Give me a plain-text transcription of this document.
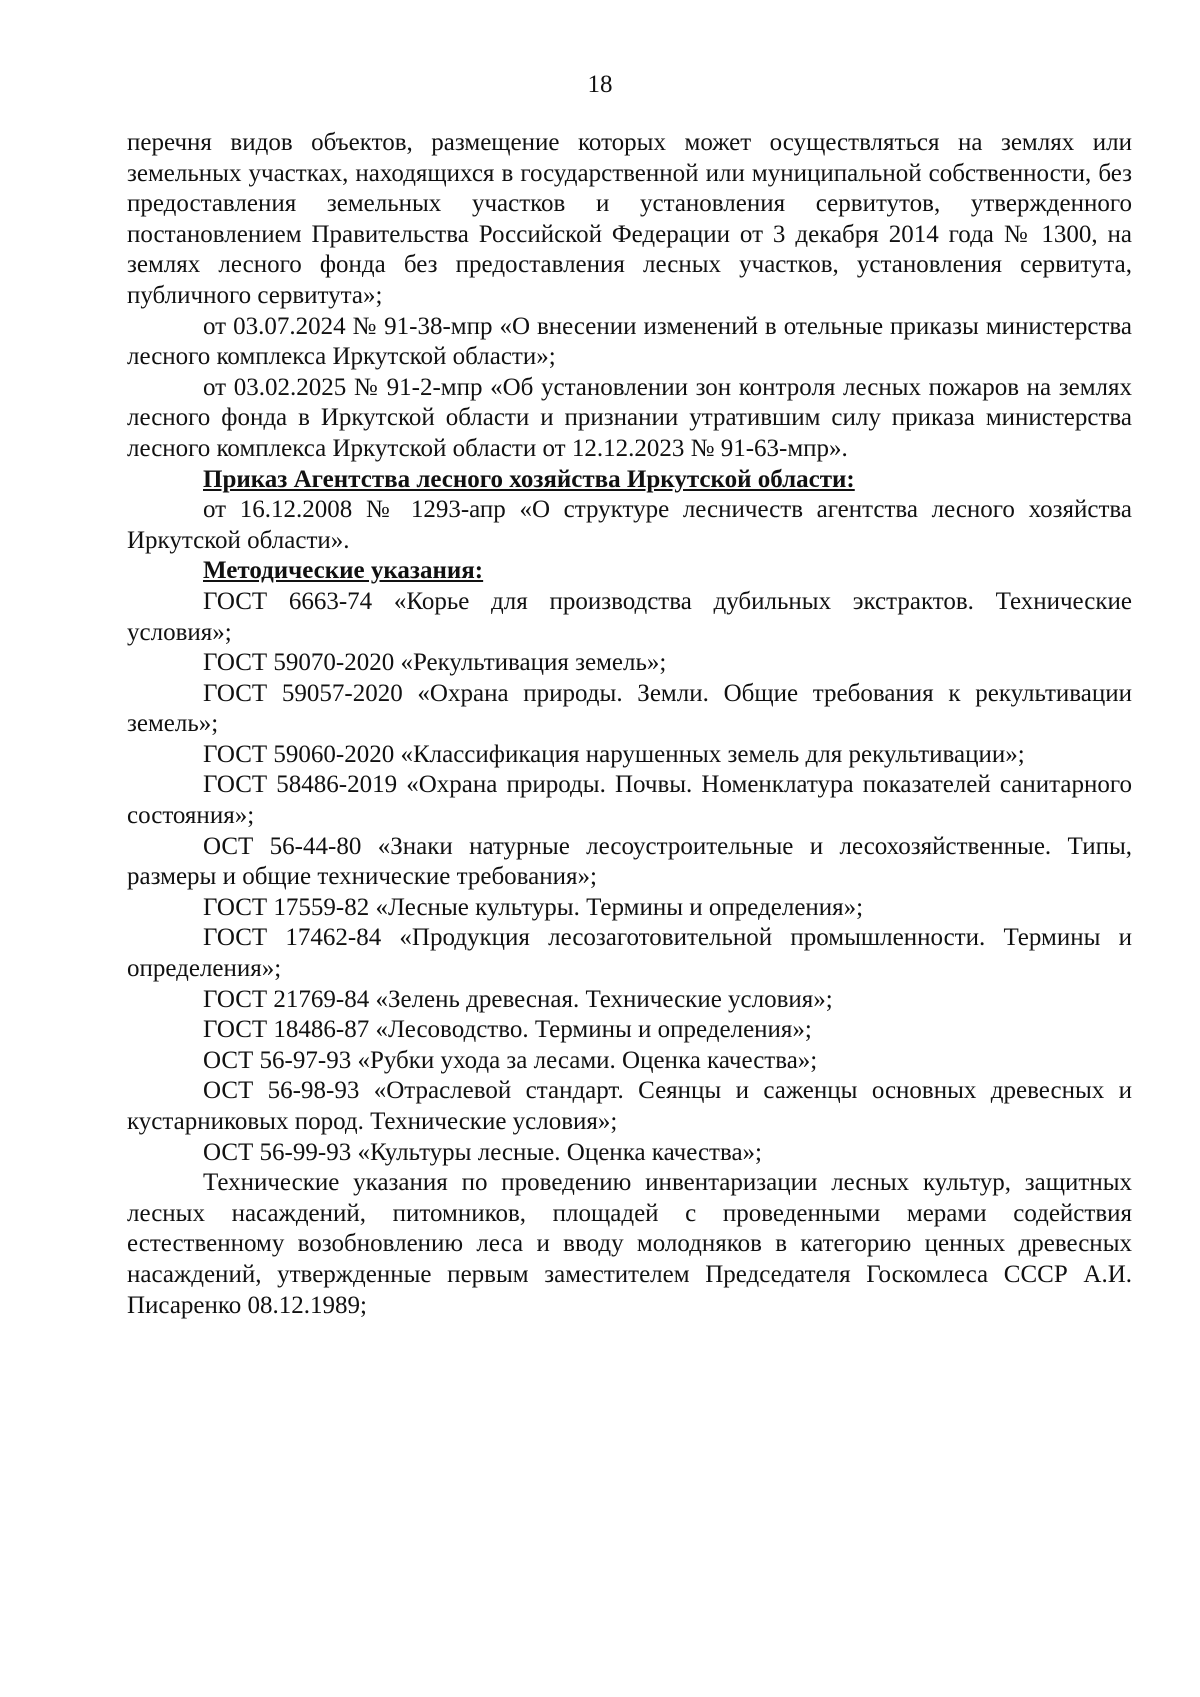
18

перечня видов объектов, размещение которых может осуществляться на землях или земельных участках, находящихся в государственной или муниципальной собственности, без предоставления земельных участков и установления сервитутов, утвержденного постановлением Правительства Российской Федерации от 3 декабря 2014 года № 1300, на землях лесного фонда без предоставления лесных участков, установления сервитута, публичного сервитута»;

от 03.07.2024 № 91-38-мпр «О внесении изменений в отельные приказы министерства лесного комплекса Иркутской области»;

от 03.02.2025 № 91-2-мпр «Об установлении зон контроля лесных пожаров на землях лесного фонда в Иркутской области и признании утратившим силу приказа министерства лесного комплекса Иркутской области от 12.12.2023 № 91-63-мпр».

Приказ Агентства лесного хозяйства Иркутской области:

от 16.12.2008 № 1293-апр «О структуре лесничеств агентства лесного хозяйства Иркутской области».

Методические указания:

ГОСТ 6663-74 «Корье для производства дубильных экстрактов. Технические условия»;

ГОСТ 59070-2020 «Рекультивация земель»;

ГОСТ 59057-2020 «Охрана природы. Земли. Общие требования к рекультивации земель»;

ГОСТ 59060-2020 «Классификация нарушенных земель для рекультивации»;

ГОСТ 58486-2019 «Охрана природы. Почвы. Номенклатура показателей санитарного состояния»;

ОСТ 56-44-80 «Знаки натурные лесоустроительные и лесохозяйственные. Типы, размеры и общие технические требования»;

ГОСТ 17559-82 «Лесные культуры. Термины и определения»;

ГОСТ 17462-84 «Продукция лесозаготовительной промышленности. Термины и определения»;

ГОСТ 21769-84 «Зелень древесная. Технические условия»;

ГОСТ 18486-87 «Лесоводство. Термины и определения»;

ОСТ 56-97-93 «Рубки ухода за лесами. Оценка качества»;

ОСТ 56-98-93 «Отраслевой стандарт. Сеянцы и саженцы основных древесных и кустарниковых пород. Технические условия»;

ОСТ 56-99-93 «Культуры лесные. Оценка качества»;

Технические указания по проведению инвентаризации лесных культур, защитных лесных насаждений, питомников, площадей с проведенными мерами содействия естественному возобновлению леса и вводу молодняков в категорию ценных древесных насаждений, утвержденные первым заместителем Председателя Госкомлеса СССР А.И. Писаренко 08.12.1989;
